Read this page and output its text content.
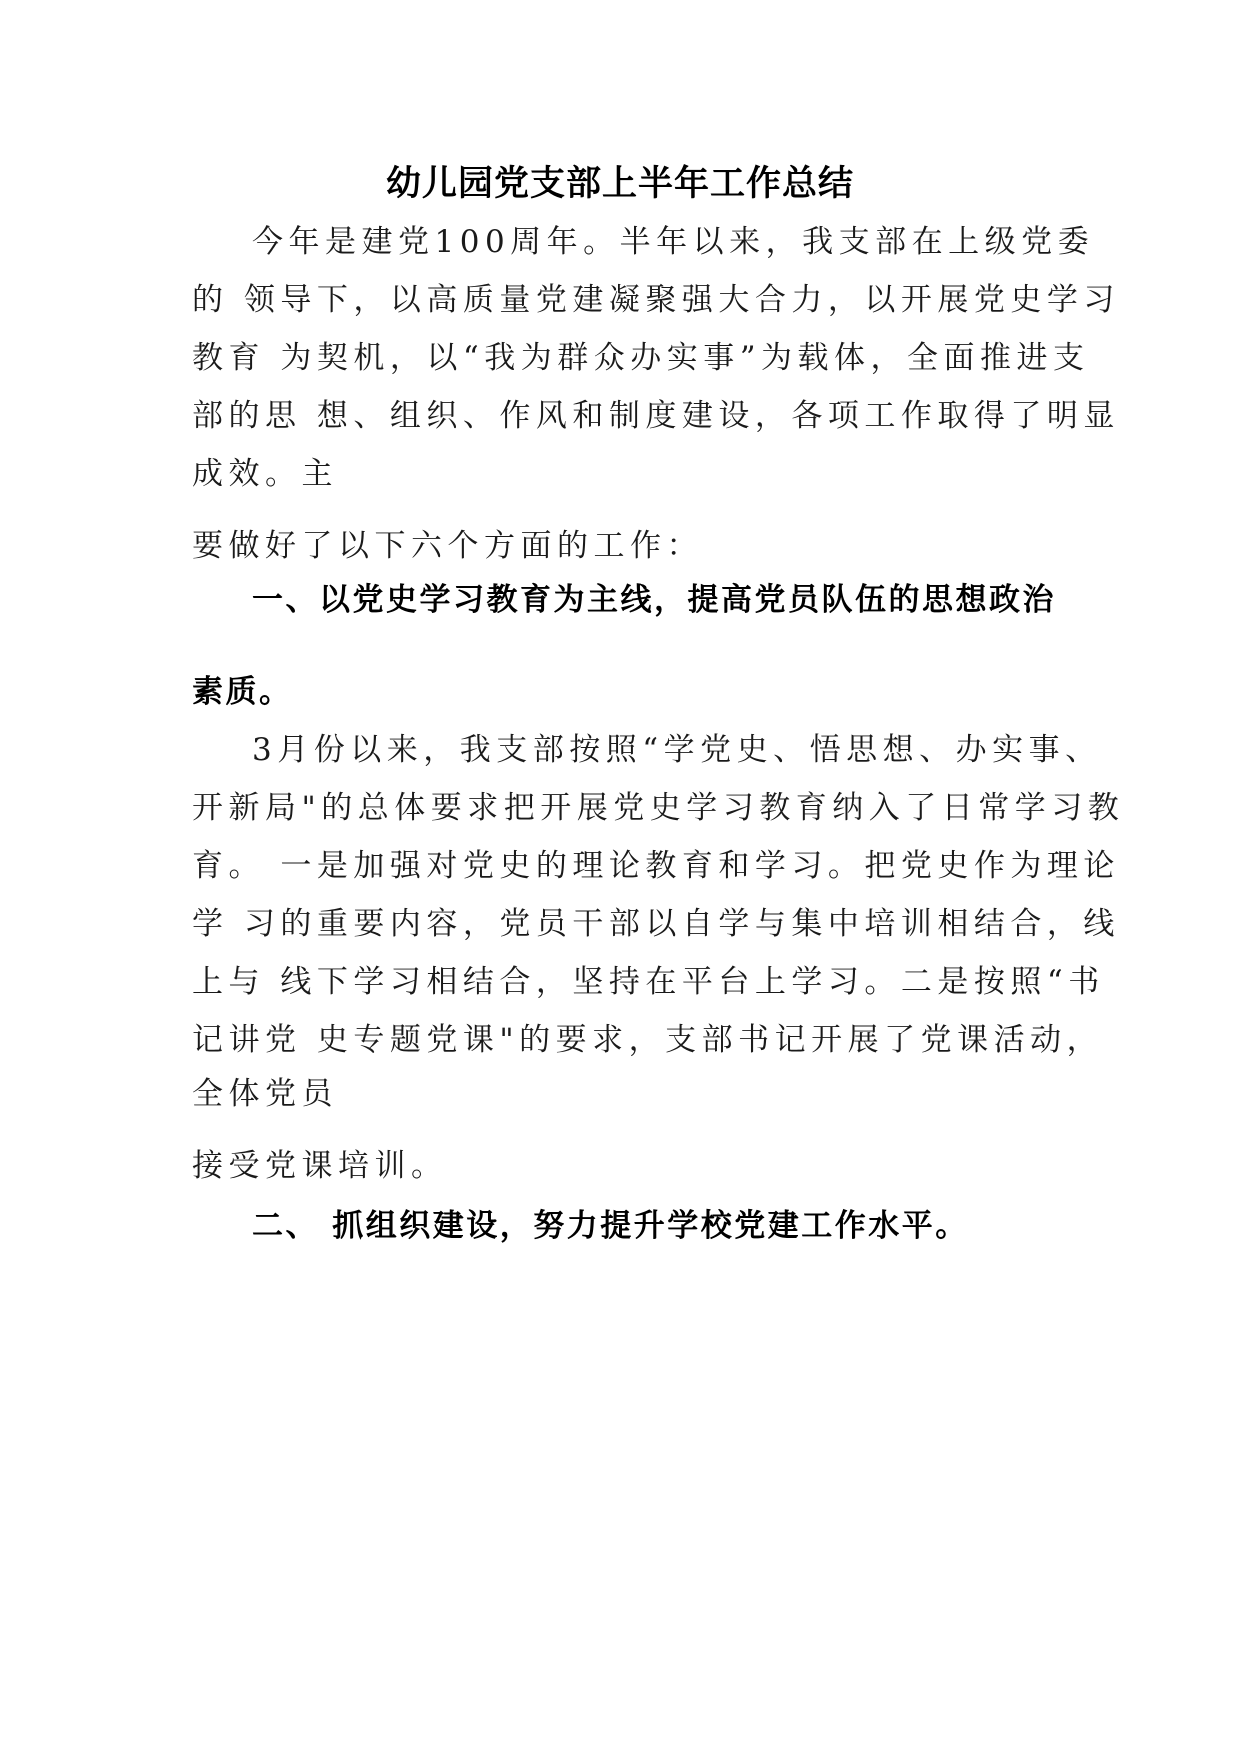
幼儿园党支部上半年工作总结
今年是建党100周年。半年以来，我支部在上级党委
的 领导下，以高质量党建凝聚强大合力，以开展党史学习
教育 为契机，以“我为群众办实事”为载体，全面推进支
部的思 想、组织、作风和制度建设，各项工作取得了明显
成效。主
要做好了以下六个方面的工作：
一、以党史学习教育为主线，提高党员队伍的思想政治
素质。
3月份以来，我支部按照“学党史、悟思想、办实事、
开新局"的总体要求把开展党史学习教育纳入了日常学习教
育。 一是加强对党史的理论教育和学习。把党史作为理论
学 习的重要内容，党员干部以自学与集中培训相结合，线
上与 线下学习相结合，坚持在平台上学习。二是按照“书
记讲党 史专题党课"的要求，支部书记开展了党课活动，
全体党员
接受党课培训。
二、 抓组织建设，努力提升学校党建工作水平。
